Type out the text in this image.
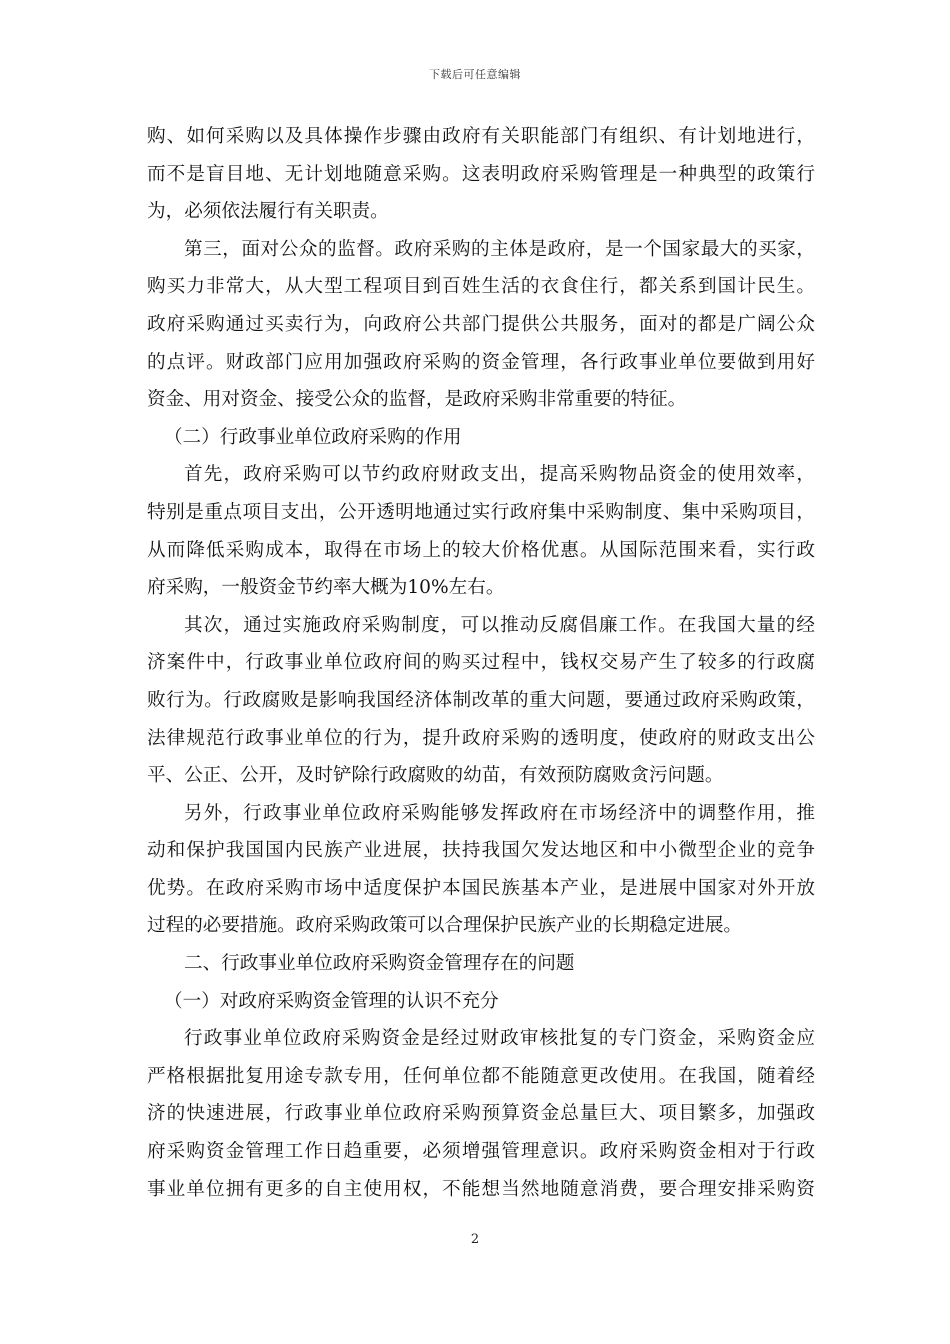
下载后可任意编辑
购、如何采购以及具体操作步骤由政府有关职能部门有组织、有计划地进行，
而不是盲目地、无计划地随意采购。这表明政府采购管理是一种典型的政策行
为，必须依法履行有关职责。
第三，面对公众的监督。政府采购的主体是政府，是一个国家最大的买家，
购买力非常大，从大型工程项目到百姓生活的衣食住行，都关系到国计民生。
政府采购通过买卖行为，向政府公共部门提供公共服务，面对的都是广阔公众
的点评。财政部门应用加强政府采购的资金管理，各行政事业单位要做到用好
资金、用对资金、接受公众的监督，是政府采购非常重要的特征。
（二）行政事业单位政府采购的作用
首先，政府采购可以节约政府财政支出，提高采购物品资金的使用效率，
特别是重点项目支出，公开透明地通过实行政府集中采购制度、集中采购项目，
从而降低采购成本，取得在市场上的较大价格优惠。从国际范围来看，实行政
府采购，一般资金节约率大概为10%左右。
其次，通过实施政府采购制度，可以推动反腐倡廉工作。在我国大量的经
济案件中，行政事业单位政府间的购买过程中，钱权交易产生了较多的行政腐
败行为。行政腐败是影响我国经济体制改革的重大问题，要通过政府采购政策，
法律规范行政事业单位的行为，提升政府采购的透明度，使政府的财政支出公
平、公正、公开，及时铲除行政腐败的幼苗，有效预防腐败贪污问题。
另外，行政事业单位政府采购能够发挥政府在市场经济中的调整作用，推
动和保护我国国内民族产业进展，扶持我国欠发达地区和中小微型企业的竞争
优势。在政府采购市场中适度保护本国民族基本产业，是进展中国家对外开放
过程的必要措施。政府采购政策可以合理保护民族产业的长期稳定进展。
二、行政事业单位政府采购资金管理存在的问题
（一）对政府采购资金管理的认识不充分
行政事业单位政府采购资金是经过财政审核批复的专门资金，采购资金应
严格根据批复用途专款专用，任何单位都不能随意更改使用。在我国，随着经
济的快速进展，行政事业单位政府采购预算资金总量巨大、项目繁多，加强政
府采购资金管理工作日趋重要，必须增强管理意识。政府采购资金相对于行政
事业单位拥有更多的自主使用权，不能想当然地随意消费，要合理安排采购资
2
